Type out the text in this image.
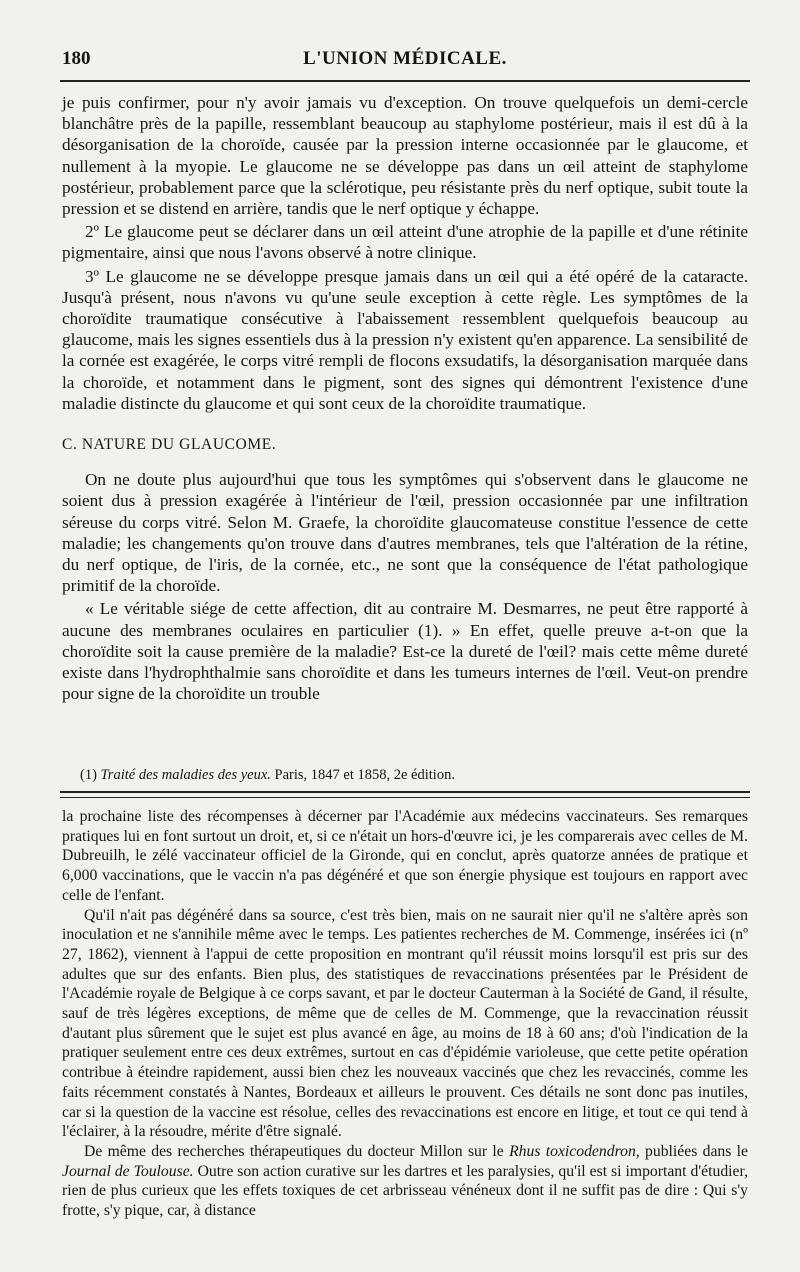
180	L'UNION MÉDICALE.

je puis confirmer, pour n'y avoir jamais vu d'exception. On trouve quelquefois un demi-cercle blanchâtre près de la papille, ressemblant beaucoup au staphylome postérieur, mais il est dû à la désorganisation de la choroïde, causée par la pression interne occasionnée par le glaucome, et nullement à la myopie. Le glaucome ne se développe pas dans un œil atteint de staphylome postérieur, probablement parce que la sclérotique, peu résistante près du nerf optique, subit toute la pression et se distend en arrière, tandis que le nerf optique y échappe.

2º Le glaucome peut se déclarer dans un œil atteint d'une atrophie de la papille et d'une rétinite pigmentaire, ainsi que nous l'avons observé à notre clinique.

3º Le glaucome ne se développe presque jamais dans un œil qui a été opéré de la cataracte. Jusqu'à présent, nous n'avons vu qu'une seule exception à cette règle. Les symptômes de la choroïdite traumatique consécutive à l'abaissement ressemblent quelquefois beaucoup au glaucome, mais les signes essentiels dus à la pression n'y existent qu'en apparence. La sensibilité de la cornée est exagérée, le corps vitré rempli de flocons exsudatifs, la désorganisation marquée dans la choroïde, et notamment dans le pigment, sont des signes qui démontrent l'existence d'une maladie distincte du glaucome et qui sont ceux de la choroïdite traumatique.

C. NATURE DU GLAUCOME.

On ne doute plus aujourd'hui que tous les symptômes qui s'observent dans le glaucome ne soient dus à pression exagérée à l'intérieur de l'œil, pression occasionnée par une infiltration séreuse du corps vitré. Selon M. Graefe, la choroïdite glaucomateuse constitue l'essence de cette maladie; les changements qu'on trouve dans d'autres membranes, tels que l'altération de la rétine, du nerf optique, de l'iris, de la cornée, etc., ne sont que la conséquence de l'état pathologique primitif de la choroïde.

« Le véritable siége de cette affection, dit au contraire M. Desmarres, ne peut être rapporté à aucune des membranes oculaires en particulier (1). » En effet, quelle preuve a-t-on que la choroïdite soit la cause première de la maladie? Est-ce la dureté de l'œil? mais cette même dureté existe dans l'hydrophthalmie sans choroïdite et dans les tumeurs internes de l'œil. Veut-on prendre pour signe de la choroïdite un trouble

(1) Traité des maladies des yeux. Paris, 1847 et 1858, 2e édition.

la prochaine liste des récompenses à décerner par l'Académie aux médecins vaccinateurs. Ses remarques pratiques lui en font surtout un droit, et, si ce n'était un hors-d'œuvre ici, je les comparerais avec celles de M. Dubreuilh, le zélé vaccinateur officiel de la Gironde, qui en conclut, après quatorze années de pratique et 6,000 vaccinations, que le vaccin n'a pas dégénéré et que son énergie physique est toujours en rapport avec celle de l'enfant.

Qu'il n'ait pas dégénéré dans sa source, c'est très bien, mais on ne saurait nier qu'il ne s'altère après son inoculation et ne s'annihile même avec le temps. Les patientes recherches de M. Commenge, insérées ici (nº 27, 1862), viennent à l'appui de cette proposition en montrant qu'il réussit moins lorsqu'il est pris sur des adultes que sur des enfants. Bien plus, des statistiques de revaccinations présentées par le Président de l'Académie royale de Belgique à ce corps savant, et par le docteur Cauterman à la Société de Gand, il résulte, sauf de très légères exceptions, de même que de celles de M. Commenge, que la revaccination réussit d'autant plus sûrement que le sujet est plus avancé en âge, au moins de 18 à 60 ans; d'où l'indication de la pratiquer seulement entre ces deux extrêmes, surtout en cas d'épidémie varioleuse, que cette petite opération contribue à éteindre rapidement, aussi bien chez les nouveaux vaccinés que chez les revaccinés, comme les faits récemment constatés à Nantes, Bordeaux et ailleurs le prouvent. Ces détails ne sont donc pas inutiles, car si la question de la vaccine est résolue, celles des revaccinations est encore en litige, et tout ce qui tend à l'éclairer, à la résoudre, mérite d'être signalé.

De même des recherches thérapeutiques du docteur Millon sur le Rhus toxicodendron, publiées dans le Journal de Toulouse. Outre son action curative sur les dartres et les paralysies, qu'il est si important d'étudier, rien de plus curieux que les effets toxiques de cet arbrisseau vénéneux dont il ne suffit pas de dire : Qui s'y frotte, s'y pique, car, à distance
